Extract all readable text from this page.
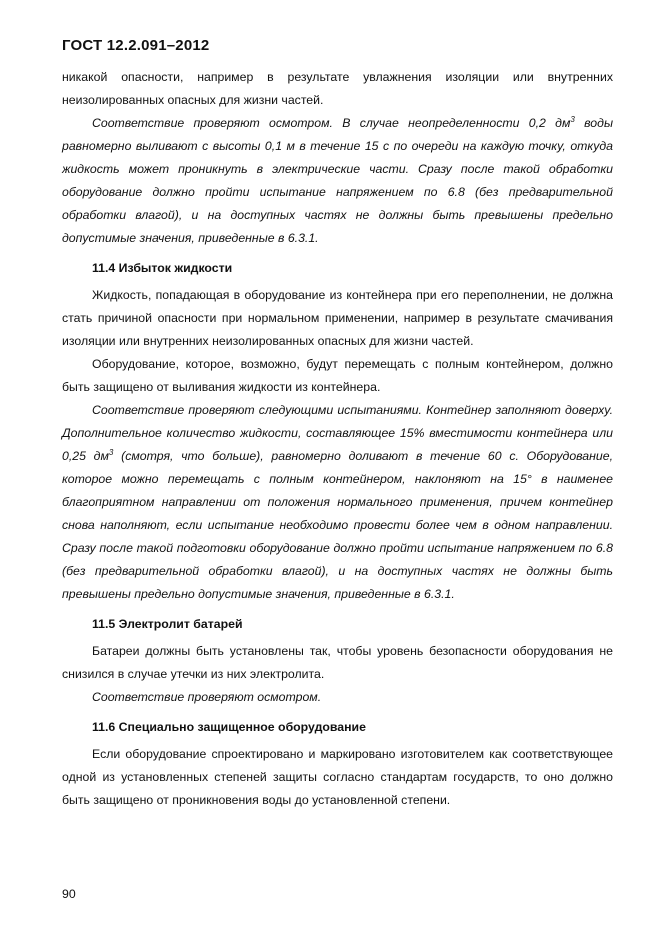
ГОСТ 12.2.091–2012

никакой опасности, например в результате увлажнения изоляции или внутренних неизолированных опасных для жизни частей.

Соответствие проверяют осмотром. В случае неопределенности 0,2 $дм^3$ воды равномерно выливают с высоты 0,1 м в течение 15 с по очереди на каждую точку, откуда жидкость может проникнуть в электрические части. Сразу после такой обработки оборудование должно пройти испытание напряжением по 6.8 (без предварительной обработки влагой), и на доступных частях не должны быть превышены предельно допустимые значения, приведенные в 6.3.1.

11.4 Избыток жидкости

Жидкость, попадающая в оборудование из контейнера при его переполнении, не должна стать причиной опасности при нормальном применении, например в результате смачивания изоляции или внутренних неизолированных опасных для жизни частей.

Оборудование, которое, возможно, будут перемещать с полным контейнером, должно быть защищено от выливания жидкости из контейнера.

Соответствие проверяют следующими испытаниями. Контейнер заполняют доверху. Дополнительное количество жидкости, составляющее 15% вместимости контейнера или 0,25 $дм^3$ (смотря, что больше), равномерно доливают в течение 60 с. Оборудование, которое можно перемещать с полным контейнером, наклоняют на 15° в наименее благоприятном направлении от положения нормального применения, причем контейнер снова наполняют, если испытание необходимо провести более чем в одном направлении. Сразу после такой подготовки оборудование должно пройти испытание напряжением по 6.8 (без предварительной обработки влагой), и на доступных частях не должны быть превышены предельно допустимые значения, приведенные в 6.3.1.

11.5 Электролит батарей

Батареи должны быть установлены так, чтобы уровень безопасности оборудования не снизился в случае утечки из них электролита.

Соответствие проверяют осмотром.

11.6 Специально защищенное оборудование

Если оборудование спроектировано и маркировано изготовителем как соответствующее одной из установленных степеней защиты согласно стандартам государств, то оно должно быть защищено от проникновения воды до установленной степени.

90
